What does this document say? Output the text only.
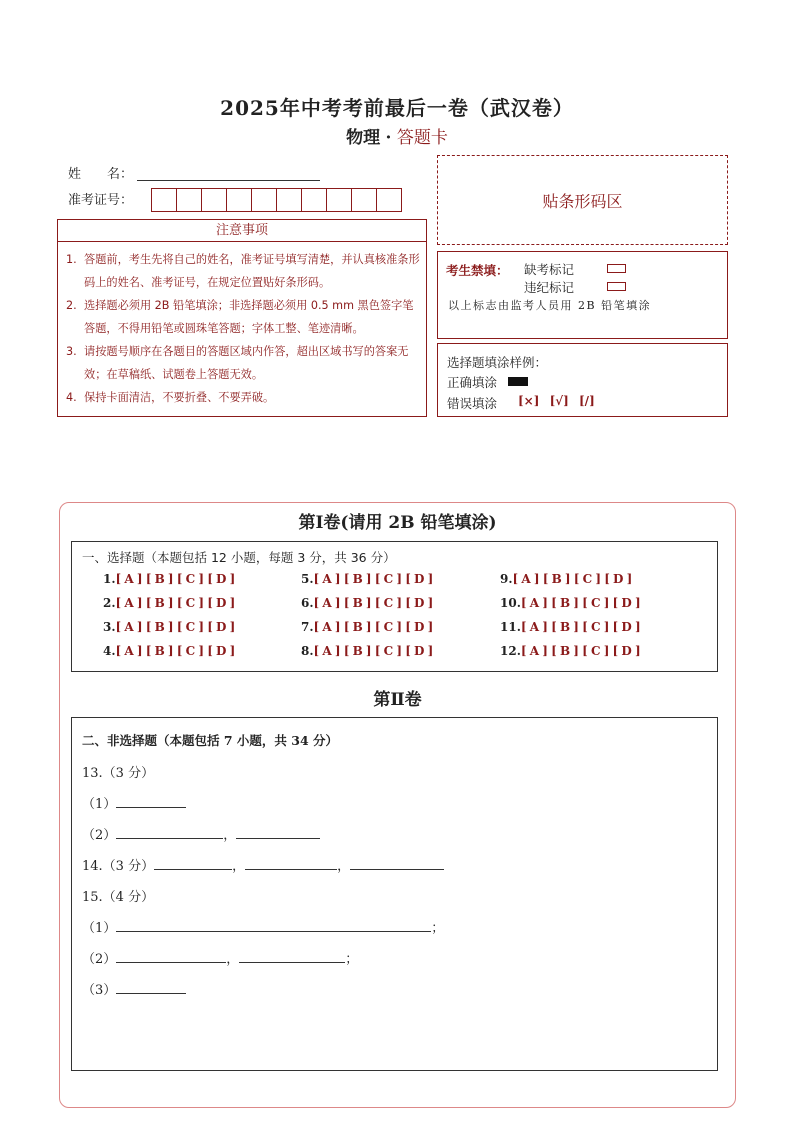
2025年中考考前最后一卷（武汉卷）
物理 · 答题卡
姓　　名：
准考证号：	贴条形码区
注意事项
1. 答题前，考生先将自己的姓名，准考证号填写清楚，并认真核准条形码上的姓名、准考证号，在规定位置贴好条形码。
2. 选择题必须用 2B 铅笔填涂；非选择题必须用 0.5 mm 黑色签字笔答题，不得用铅笔或圆珠笔答题；字体工整、笔迹清晰。
3. 请按题号顺序在各题目的答题区域内作答，超出区域书写的答案无效；在草稿纸、试题卷上答题无效。
4. 保持卡面清洁，不要折叠、不要弄破。
考生禁填： 缺考标记
违纪标记
以上标志由监考人员用 2B 铅笔填涂
选择题填涂样例：
正确填涂
错误填涂 [×] [√] [/]
第Ⅰ卷(请用 2B 铅笔填涂)
一、选择题（本题包括 12 小题，每题 3 分，共 36 分）
1.[ A ] [ B ] [ C ] [ D ]
2.[ A ] [ B ] [ C ] [ D ]
3.[ A ] [ B ] [ C ] [ D ]
4.[ A ] [ B ] [ C ] [ D ]
5.[ A ] [ B ] [ C ] [ D ]
6.[ A ] [ B ] [ C ] [ D ]
7.[ A ] [ B ] [ C ] [ D ]
8.[ A ] [ B ] [ C ] [ D ]
9.[ A ] [ B ] [ C ] [ D ]
10.[ A ] [ B ] [ C ] [ D ]
11.[ A ] [ B ] [ C ] [ D ]
12.[ A ] [ B ] [ C ] [ D ]
第Ⅱ卷
二、非选择题（本题包括 7 小题，共 34 分）
13.（3 分）
（1）
（2）	，
14.（3 分）	，	，
15.（4 分）
（1）	；
（2）	，	；
（3）
